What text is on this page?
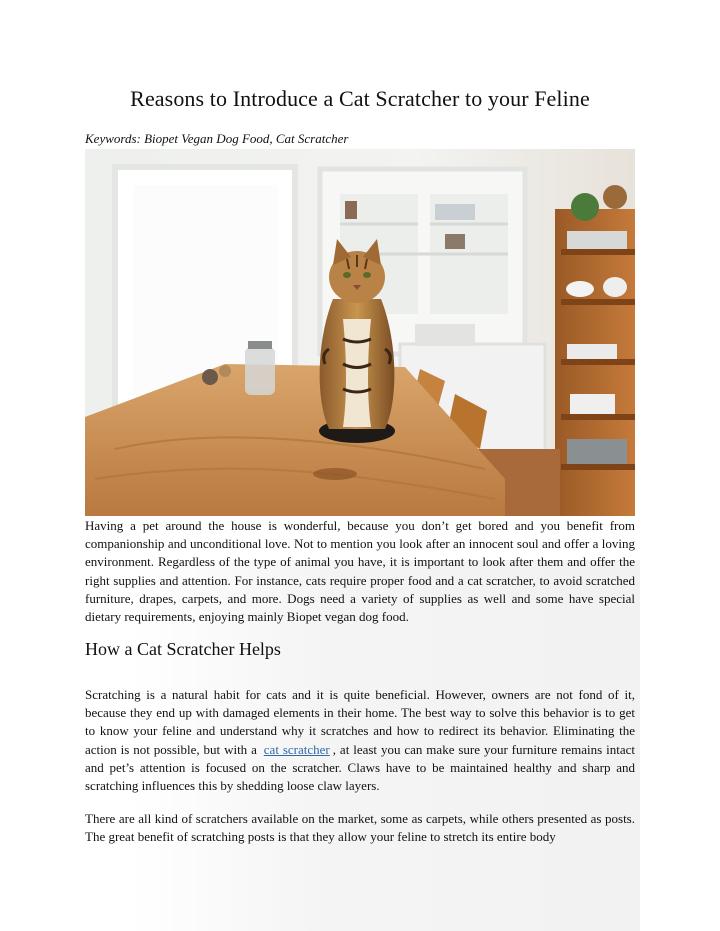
Reasons to Introduce a Cat Scratcher to your Feline
Keywords: Biopet Vegan Dog Food, Cat Scratcher

Having a pet around the house is wonderful, because you don’t get bored and you benefit from companionship and unconditional love. Not to mention you look after an innocent soul and offer a loving environment. Regardless of the type of animal you have, it is important to look after them and offer the right supplies and attention. For instance, cats require proper food and a cat scratcher, to avoid scratched furniture, drapes, carpets, and more. Dogs need a variety of supplies as well and some have special dietary requirements, enjoying mainly Biopet vegan dog food.

How a Cat Scratcher Helps

Scratching is a natural habit for cats and it is quite beneficial. However, owners are not fond of it, because they end up with damaged elements in their home. The best way to solve this behavior is to get to know your feline and understand why it scratches and how to redirect its behavior. Eliminating the action is not possible, but with a cat scratcher , at least you can make sure your furniture remains intact and pet’s attention is focused on the scratcher. Claws have to be maintained healthy and sharp and scratching influences this by shedding loose claw layers.

There are all kind of scratchers available on the market, some as carpets, while others presented as posts. The great benefit of scratching posts is that they allow your feline to stretch its entire body
